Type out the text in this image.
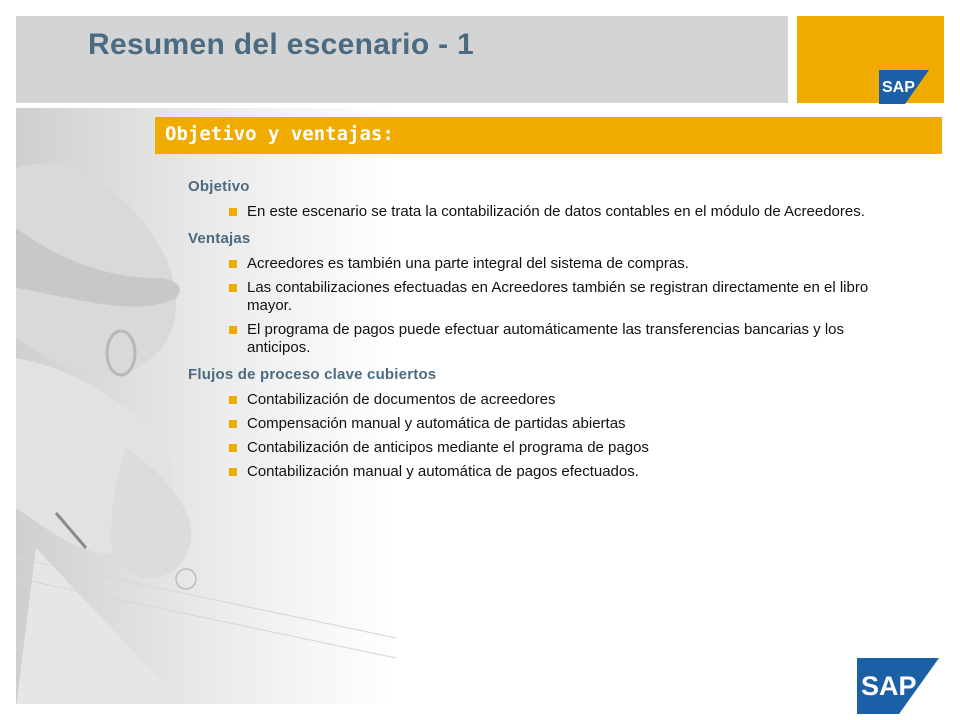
Resumen del escenario - 1
SAP
Objetivo y ventajas:
Objetivo
En este escenario se trata la contabilización de datos contables en el módulo de Acreedores.
Ventajas
Acreedores es también una parte integral del sistema de compras.
Las contabilizaciones efectuadas en Acreedores también se registran directamente en el libro mayor.
El programa de pagos puede efectuar automáticamente las transferencias bancarias y los anticipos.
Flujos de proceso clave cubiertos
Contabilización de documentos de acreedores
Compensación manual y automática de partidas abiertas
Contabilización de anticipos mediante el programa de pagos
Contabilización manual y automática de pagos efectuados.
SAP
